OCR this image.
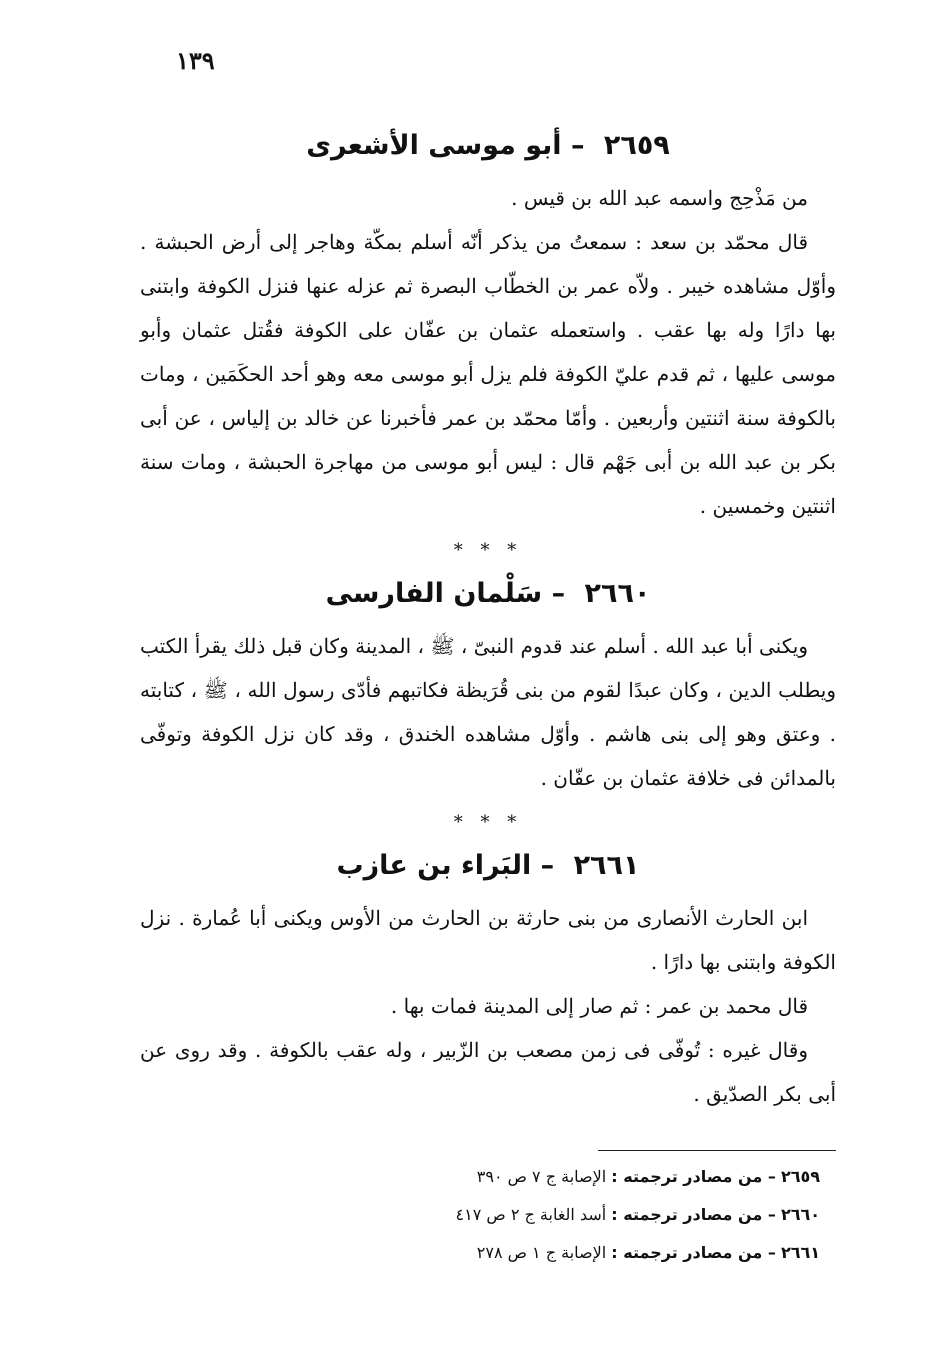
١٣٩
٢٦٥٩ – أبو موسى الأشعرى

من مَذْحِج واسمه عبد الله بن قيس .

قال محمّد بن سعد : سمعتُ من يذكر أنّه أسلم بمكّة وهاجر إلى أرض الحبشة . وأوّل مشاهده خيبر . ولاّه عمر بن الخطّاب البصرة ثم عزله عنها فنزل الكوفة وابتنى بها دارًا وله بها عقب . واستعمله عثمان بن عفّان على الكوفة فقُتل عثمان وأبو موسى عليها ، ثم قدم عليّ الكوفة فلم يزل أبو موسى معه وهو أحد الحكَمَين ، ومات بالكوفة سنة اثنتين وأربعين . وأمّا محمّد بن عمر فأخبرنا عن خالد بن إلياس ، عن أبى بكر بن عبد الله بن أبى جَهْم قال : ليس أبو موسى من مهاجرة الحبشة ، ومات سنة اثنتين وخمسين .

* * *
٢٦٦٠ – سَلْمان الفارسى

ويكنى أبا عبد الله . أسلم عند قدوم النبىّ ، ﷺ ، المدينة وكان قبل ذلك يقرأ الكتب ويطلب الدين ، وكان عبدًا لقوم من بنى قُرَيظة فكاتبهم فأدّى رسول الله ، ﷺ ، كتابته . وعتق وهو إلى بنى هاشم . وأوّل مشاهده الخندق ، وقد كان نزل الكوفة وتوفّى بالمدائن فى خلافة عثمان بن عفّان .

* * *
٢٦٦١ – البَراء بن عازب

ابن الحارث الأنصارى من بنى حارثة بن الحارث من الأوس ويكنى أبا عُمارة . نزل الكوفة وابتنى بها دارًا .

قال محمد بن عمر : ثم صار إلى المدينة فمات بها .

وقال غيره : تُوفّى فى زمن مصعب بن الزّبير ، وله عقب بالكوفة . وقد روى عن أبى بكر الصدّيق .

٢٦٥٩ – من مصادر ترجمته : الإصابة ج ٧ ص ٣٩٠
٢٦٦٠ – من مصادر ترجمته : أسد الغابة ج ٢ ص ٤١٧
٢٦٦١ – من مصادر ترجمته : الإصابة ج ١ ص ٢٧٨
